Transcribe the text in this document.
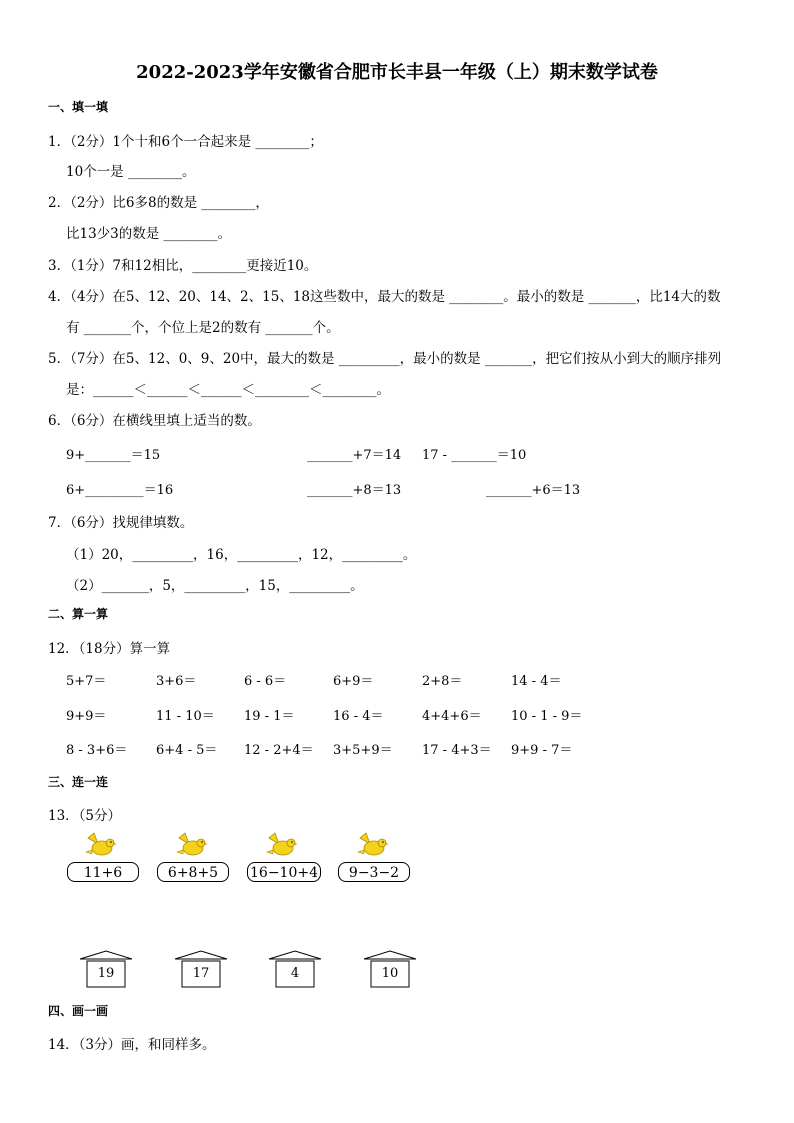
2022-2023学年安徽省合肥市长丰县一年级（上）期末数学试卷
一、填一填
1．（2分）1个十和6个一合起来是 ________；
10个一是 ________。
2．（2分）比6多8的数是 ________，
比13少3的数是 ________。
3．（1分）7和12相比，________更接近10。
4．（4分）在5、12、20、14、2、15、18这些数中，最大的数是 ________。最小的数是 _______，比14大的数
有 _______个，个位上是2的数有 _______个。
5．（7分）在5、12、0、9、20中，最大的数是 _________，最小的数是 _______，把它们按从小到大的顺序排列
是：______＜______＜______＜________＜________。
6．（6分）在横线里填上适当的数。
9+_______＝15	_______+7＝14 17 - _______＝10
6+_________＝16	_______+8＝13	_______+6＝13
7．（6分）找规律填数。
（1）20，_________，16，_________，12，_________。
（2）_______，5，_________，15，_________。
二、算一算
12．（18分）算一算
5+7＝	3+6＝	6 - 6＝	6+9＝	2+8＝	14 - 4＝
9+9＝	11 - 10＝ 19 - 1＝	16 - 4＝	4+4+6＝ 10 - 1 - 9＝
8 - 3+6＝ 6+4 - 5＝ 12 - 2+4＝ 3+5+9＝ 17 - 4+3＝ 9+9 - 7＝
三、连一连
13．（5分）
11+6	6+8+5	16−10+4	9−3−2
19	17	4	10
四、画一画
14．（3分）画，和同样多。
